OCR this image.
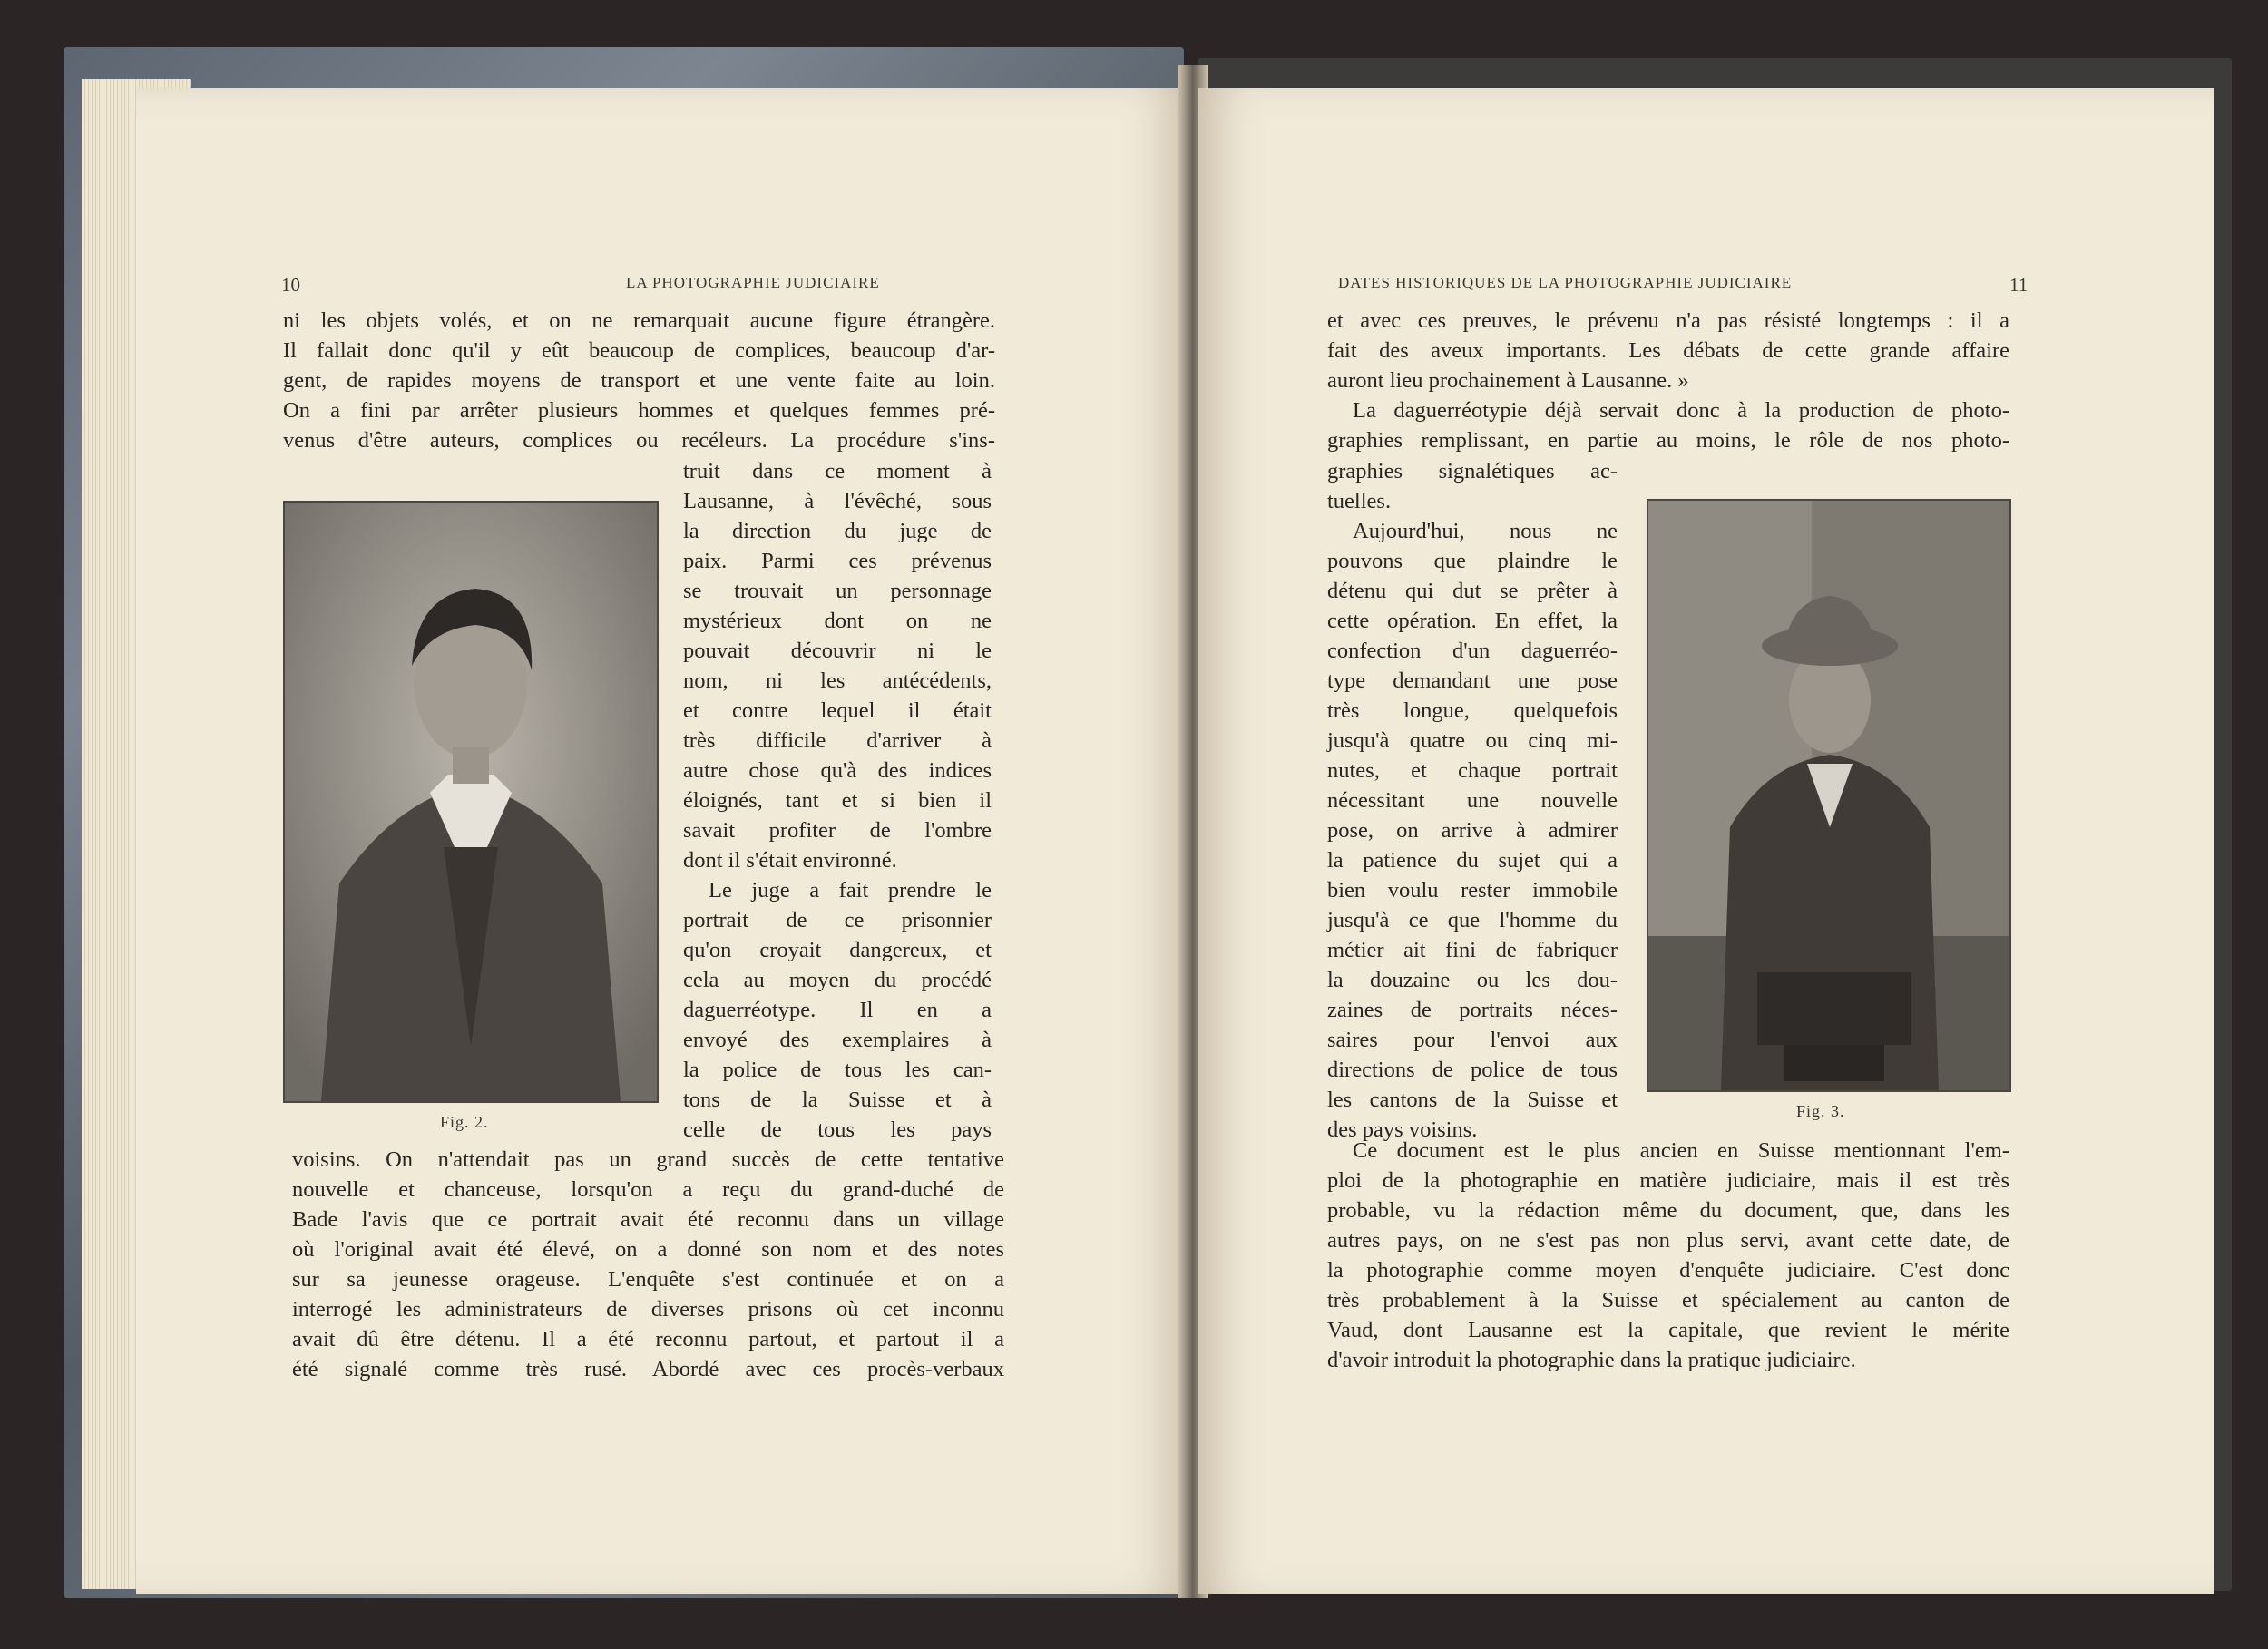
10	LA PHOTOGRAPHIE JUDICIAIRE
ni les objets volés, et on ne remarquait aucune figure étrangère.
Il fallait donc qu'il y eût beaucoup de complices, beaucoup d'ar-
gent, de rapides moyens de transport et une vente faite au loin.
On a fini par arrêter plusieurs hommes et quelques femmes pré-
venus d'être auteurs, complices ou recéleurs. La procédure s'ins-
Fig. 2.
truit dans ce moment à
Lausanne, à l'évêché, sous
la direction du juge de
paix. Parmi ces prévenus
se trouvait un personnage
mystérieux dont on ne
pouvait découvrir ni le
nom, ni les antécédents,
et contre lequel il était
très difficile d'arriver à
autre chose qu'à des indices
éloignés, tant et si bien il
savait profiter de l'ombre
dont il s'était environné.
Le juge a fait prendre le
portrait de ce prisonnier
qu'on croyait dangereux, et
cela au moyen du procédé
daguerréotype. Il en a
envoyé des exemplaires à
la police de tous les can-
tons de la Suisse et à
celle de tous les pays
voisins. On n'attendait pas un grand succès de cette tentative
nouvelle et chanceuse, lorsqu'on a reçu du grand-duché de
Bade l'avis que ce portrait avait été reconnu dans un village
où l'original avait été élevé, on a donné son nom et des notes
sur sa jeunesse orageuse. L'enquête s'est continuée et on a
interrogé les administrateurs de diverses prisons où cet inconnu
avait dû être détenu. Il a été reconnu partout, et partout il a
été signalé comme très rusé. Abordé avec ces procès-verbaux
DATES HISTORIQUES DE LA PHOTOGRAPHIE JUDICIAIRE	11
et avec ces preuves, le prévenu n'a pas résisté longtemps : il a
fait des aveux importants. Les débats de cette grande affaire
auront lieu prochainement à Lausanne. »
La daguerréotypie déjà servait donc à la production de photo-
graphies remplissant, en partie au moins, le rôle de nos photo-
graphies signalétiques ac-
tuelles.
Aujourd'hui, nous ne
pouvons que plaindre le
détenu qui dut se prêter à
cette opération. En effet, la
confection d'un daguerréo-
type demandant une pose
très longue, quelquefois
jusqu'à quatre ou cinq mi-
nutes, et chaque portrait
nécessitant une nouvelle
pose, on arrive à admirer
la patience du sujet qui a
bien voulu rester immobile
jusqu'à ce que l'homme du
métier ait fini de fabriquer
la douzaine ou les dou-
zaines de portraits néces-
saires pour l'envoi aux
directions de police de tous
les cantons de la Suisse et
des pays voisins.
Fig. 3.
Ce document est le plus ancien en Suisse mentionnant l'em-
ploi de la photographie en matière judiciaire, mais il est très
probable, vu la rédaction même du document, que, dans les
autres pays, on ne s'est pas non plus servi, avant cette date, de
la photographie comme moyen d'enquête judiciaire. C'est donc
très probablement à la Suisse et spécialement au canton de
Vaud, dont Lausanne est la capitale, que revient le mérite
d'avoir introduit la photographie dans la pratique judiciaire.
